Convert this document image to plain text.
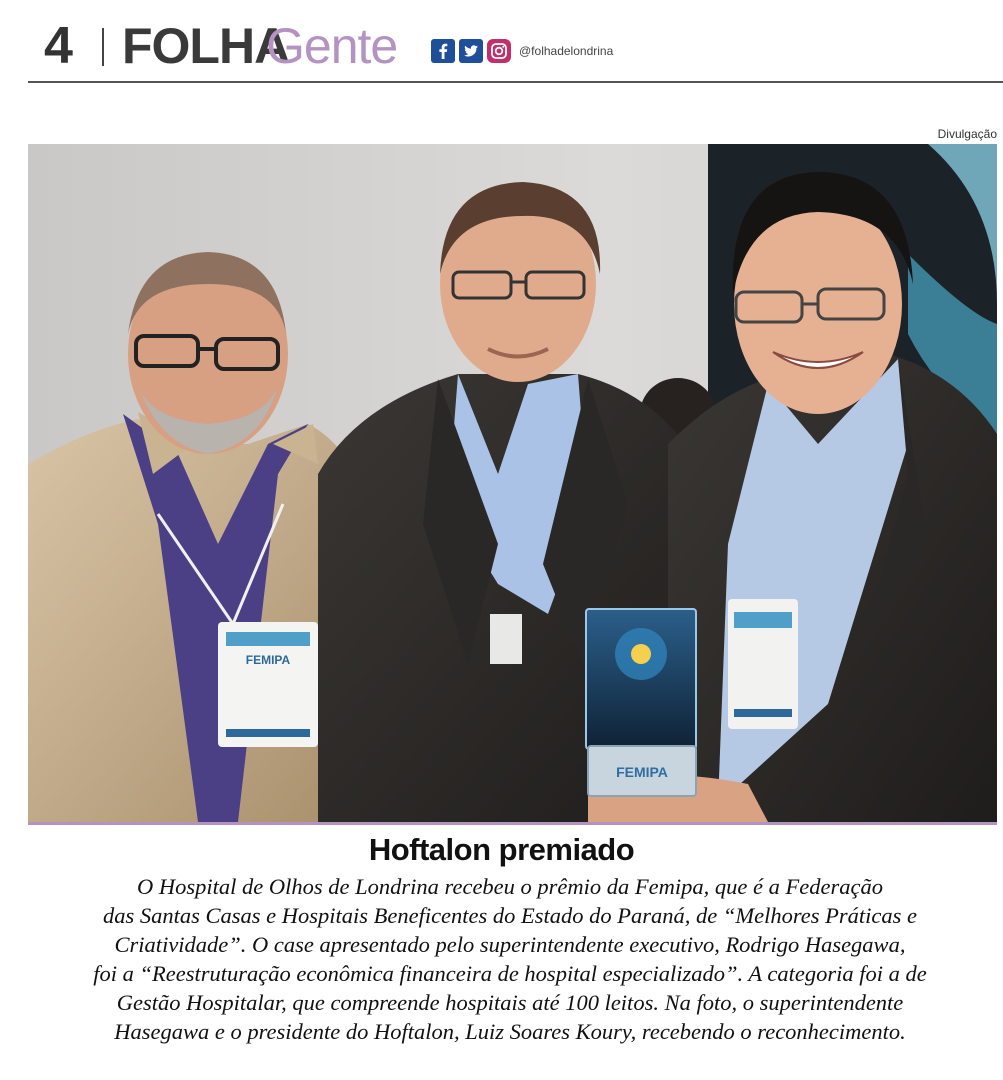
4 FOLHA
Gente	@folhadelondrina
Divulgação
FEMIPA
FEMIPA
Hoftalon premiado

O Hospital de Olhos de Londrina recebeu o prêmio da Femipa, que é a Federação
das Santas Casas e Hospitais Beneficentes do Estado do Paraná, de “Melhores Práticas e
Criatividade”. O case apresentado pelo superintendente executivo, Rodrigo Hasegawa,
foi a “Reestruturação econômica financeira de hospital especializado”. A categoria foi a de
Gestão Hospitalar, que compreende hospitais até 100 leitos. Na foto, o superintendente
Hasegawa e o presidente do Hoftalon, Luiz Soares Koury, recebendo o reconhecimento.
